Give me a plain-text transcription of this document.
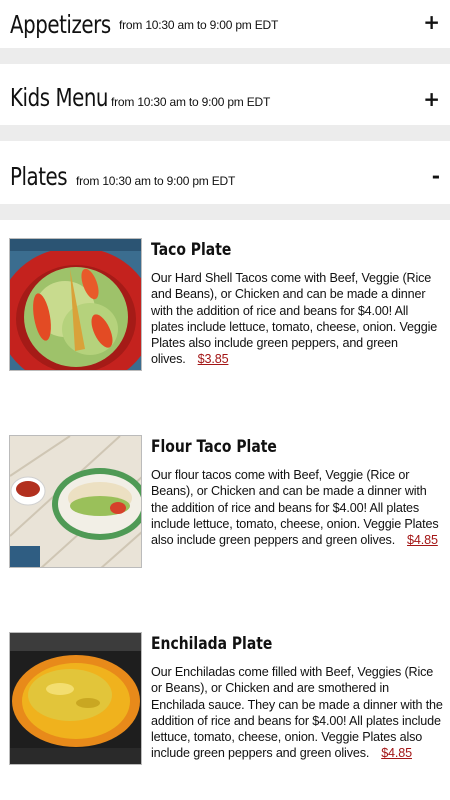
Appetizers from 10:30 am to 9:00 pm EDT	+
Kids Menu from 10:30 am to 9:00 pm EDT	+
Plates from 10:30 am to 9:00 pm EDT	-
Taco Plate
Our Hard Shell Tacos come with Beef, Veggie (Rice and Beans), or Chicken and can be made a dinner with the addition of rice and beans for $4.00! All plates include lettuce, tomato, cheese, onion. Veggie Plates also include green peppers, and green olives. $3.85
Flour Taco Plate
Our flour tacos come with Beef, Veggie (Rice or Beans), or Chicken and can be made a dinner with the addition of rice and beans for $4.00! All plates include lettuce, tomato, cheese, onion. Veggie Plates also include green peppers and green olives. $4.85
Enchilada Plate
Our Enchiladas come filled with Beef, Veggies (Rice or Beans), or Chicken and are smothered in Enchilada sauce. They can be made a dinner with the addition of rice and beans for $4.00! All plates include lettuce, tomato, cheese, onion. Veggie Plates also include green peppers and green olives. $4.85
